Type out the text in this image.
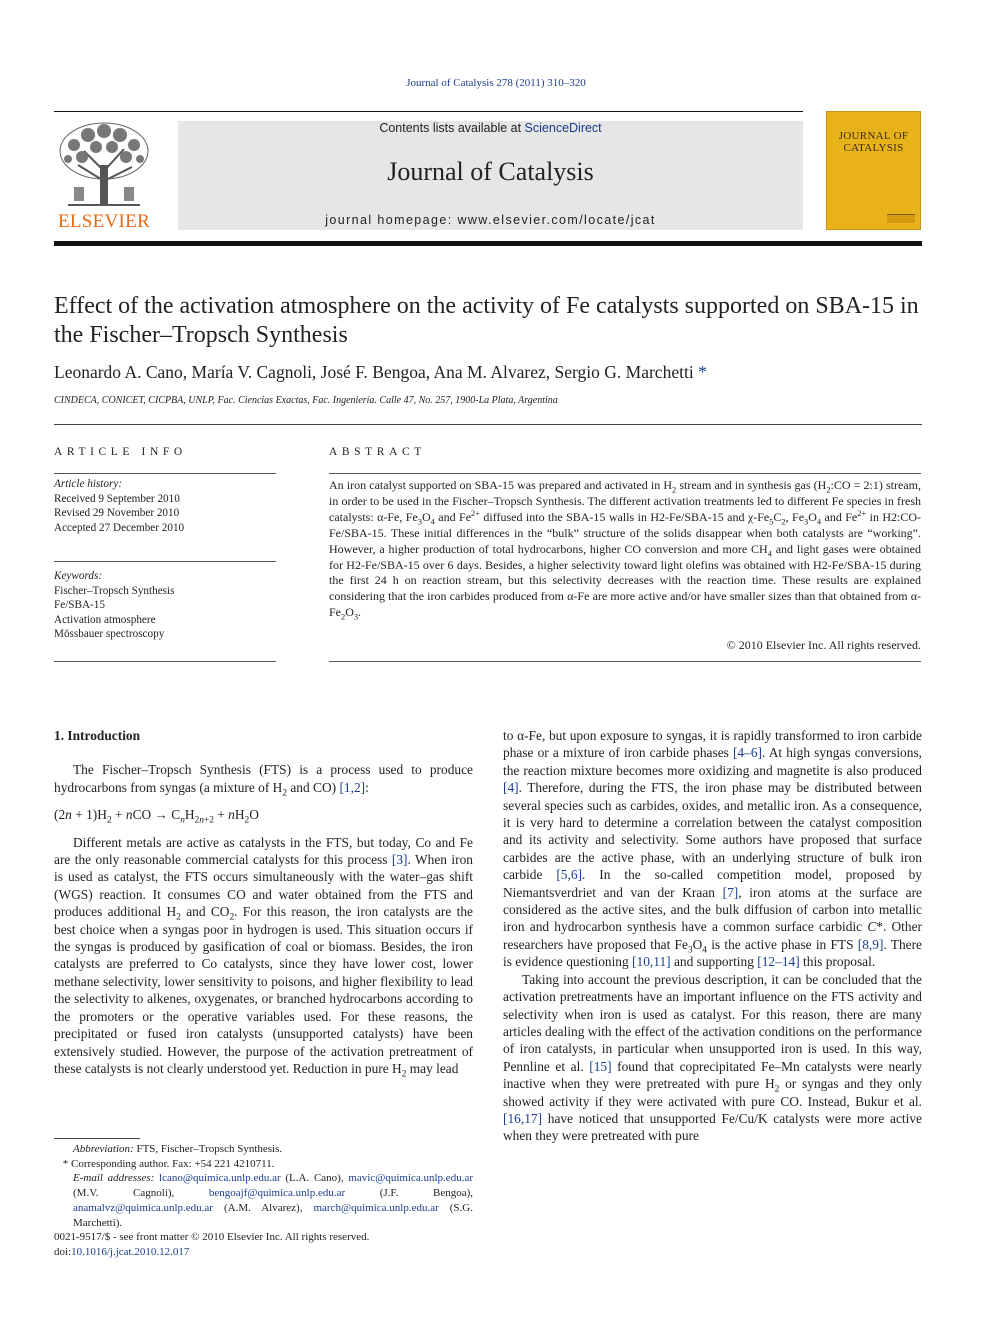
Journal of Catalysis 278 (2011) 310–320
ELSEVIER
Contents lists available at ScienceDirect
Journal of Catalysis
journal homepage: www.elsevier.com/locate/jcat
JOURNAL OF
CATALYSIS
Effect of the activation atmosphere on the activity of Fe catalysts supported on SBA-15 in the Fischer–Tropsch Synthesis
Leonardo A. Cano, María V. Cagnoli, José F. Bengoa, Ana M. Alvarez, Sergio G. Marchetti *
CINDECA, CONICET, CICPBA, UNLP, Fac. Ciencias Exactas, Fac. Ingeniería. Calle 47, No. 257, 1900-La Plata, Argentina
ARTICLE INFO
Article history:
Received 9 September 2010
Revised 29 November 2010
Accepted 27 December 2010
Keywords:
Fischer–Tropsch Synthesis
Fe/SBA-15
Activation atmosphere
Mössbauer spectroscopy
ABSTRACT
An iron catalyst supported on SBA-15 was prepared and activated in $H_2$ stream and in synthesis gas ($H_2:CO$ = 2:1) stream, in order to be used in the Fischer–Tropsch Synthesis. The different activation treatments led to different Fe species in fresh catalysts: α-Fe, $Fe_3O_4$ and $Fe^{2+}$ diffused into the SBA-15 walls in H2-Fe/SBA-15 and $\chi-Fe_5C_2$, $Fe_3O_4$ and $Fe^{2+}$ in H2:CO-Fe/SBA-15. These initial differences in the “bulk” structure of the solids disappear when both catalysts are “working”. However, a higher production of total hydrocarbons, higher CO conversion and more $CH_4$ and light gases were obtained for H2-Fe/SBA-15 over 6 days. Besides, a higher selectivity toward light olefins was obtained with H2-Fe/SBA-15 during the first 24 h on reaction stream, but this selectivity decreases with the reaction time. These results are explained considering that the iron carbides produced from α-Fe are more active and/or have smaller sizes than that obtained from $\alpha-Fe_2O_3$.
© 2010 Elsevier Inc. All rights reserved.
1. Introduction

The Fischer–Tropsch Synthesis (FTS) is a process used to produce hydrocarbons from syngas (a mixture of $H_2$ and CO) [1,2]:

$(2n + 1)H_2$ + nCO → $C_nH_{2n+2} + nH_2O$

Different metals are active as catalysts in the FTS, but today, Co and Fe are the only reasonable commercial catalysts for this process [3]. When iron is used as catalyst, the FTS occurs simultaneously with the water–gas shift (WGS) reaction. It consumes CO and water obtained from the FTS and produces additional $H_2$ and $CO_2$. For this reason, the iron catalysts are the best choice when a syngas poor in hydrogen is used. This situation occurs if the syngas is produced by gasification of coal or biomass. Besides, the iron catalysts are preferred to Co catalysts, since they have lower cost, lower methane selectivity, lower sensitivity to poisons, and higher flexibility to lead the selectivity to alkenes, oxygenates, or branched hydrocarbons according to the promoters or the operative variables used. For these reasons, the precipitated or fused iron catalysts (unsupported catalysts) have been extensively studied. However, the purpose of the activation pretreatment of these catalysts is not clearly understood yet. Reduction in pure $H_2$ may lead

to α-Fe, but upon exposure to syngas, it is rapidly transformed to iron carbide phase or a mixture of iron carbide phases [4–6]. At high syngas conversions, the reaction mixture becomes more oxidizing and magnetite is also produced [4]. Therefore, during the FTS, the iron phase may be distributed between several species such as carbides, oxides, and metallic iron. As a consequence, it is very hard to determine a correlation between the catalyst composition and its activity and selectivity. Some authors have proposed that surface carbides are the active phase, with an underlying structure of bulk iron carbide [5,6]. In the so-called competition model, proposed by Niemantsverdriet and van der Kraan [7], iron atoms at the surface are considered as the active sites, and the bulk diffusion of carbon into metallic iron and hydrocarbon synthesis have a common surface carbidic C*. Other researchers have proposed that $Fe_3O_4$ is the active phase in FTS [8,9]. There is evidence questioning [10,11] and supporting [12–14] this proposal.

Taking into account the previous description, it can be concluded that the activation pretreatments have an important influence on the FTS activity and selectivity when iron is used as catalyst. For this reason, there are many articles dealing with the effect of the activation conditions on the performance of iron catalysts, in particular when unsupported iron is used. In this way, Pennline et al. [15] found that coprecipitated Fe–Mn catalysts were nearly inactive when they were pretreated with pure $H_2$ or syngas and they only showed activity if they were activated with pure CO. Instead, Bukur et al. [16,17] have noticed that unsupported Fe/Cu/K catalysts were more active when they were pretreated with pure

Abbreviation: FTS, Fischer–Tropsch Synthesis.
* Corresponding author. Fax: +54 221 4210711.
E-mail addresses: lcano@quimica.unlp.edu.ar (L.A. Cano), mavic@quimica.unlp.edu.ar (M.V. Cagnoli), bengoajf@quimica.unlp.edu.ar (J.F. Bengoa), anamalvz@quimica.unlp.edu.ar (A.M. Alvarez), march@quimica.unlp.edu.ar (S.G. Marchetti).
0021-9517/$ - see front matter © 2010 Elsevier Inc. All rights reserved.
doi:10.1016/j.jcat.2010.12.017
